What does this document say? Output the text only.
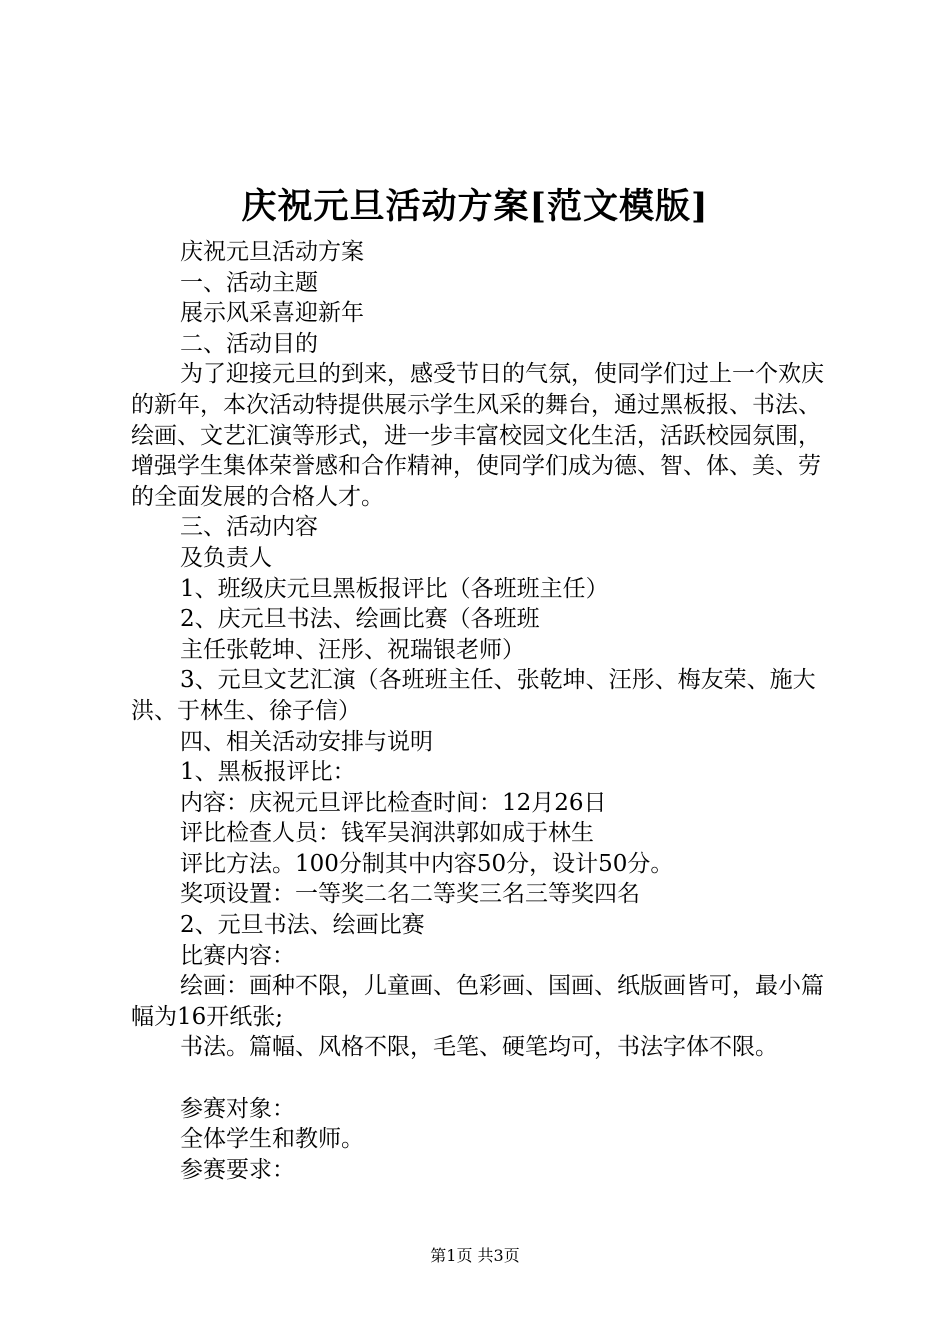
庆祝元旦活动方案[范文模版]

庆祝元旦活动方案

一、活动主题

展示风采喜迎新年

二、活动目的

为了迎接元旦的到来，感受节日的气氛，使同学们过上一个欢庆的新年，本次活动特提供展示学生风采的舞台，通过黑板报、书法、绘画、文艺汇演等形式，进一步丰富校园文化生活，活跃校园氛围，增强学生集体荣誉感和合作精神，使同学们成为德、智、体、美、劳的全面发展的合格人才。

三、活动内容

及负责人

1、班级庆元旦黑板报评比（各班班主任）

2、庆元旦书法、绘画比赛（各班班

主任张乾坤、汪彤、祝瑞银老师）

3、元旦文艺汇演（各班班主任、张乾坤、汪彤、梅友荣、施大洪、于林生、徐子信）

四、相关活动安排与说明

1、黑板报评比：

内容：庆祝元旦评比检查时间：12月26日

评比检查人员：钱军吴润洪郭如成于林生

评比方法。100分制其中内容50分，设计50分。

奖项设置：一等奖二名二等奖三名三等奖四名

2、元旦书法、绘画比赛

比赛内容：

绘画：画种不限，儿童画、色彩画、国画、纸版画皆可，最小篇幅为16开纸张;

书法。篇幅、风格不限，毛笔、硬笔均可，书法字体不限。

参赛对象：

全体学生和教师。

参赛要求：

第1页 共3页
